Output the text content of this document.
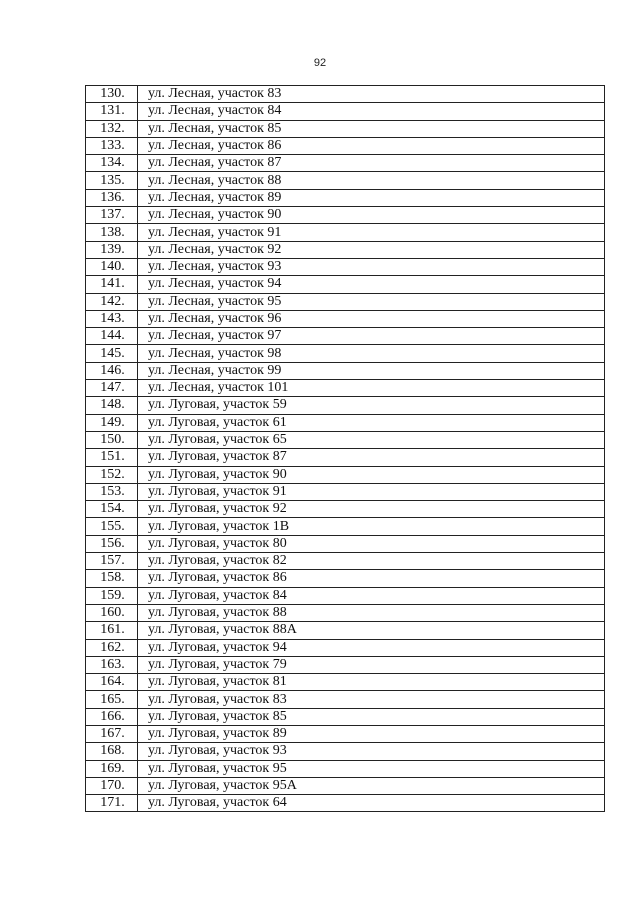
92
130.	ул. Лесная, участок 83
131.	ул. Лесная, участок 84
132.	ул. Лесная, участок 85
133.	ул. Лесная, участок 86
134.	ул. Лесная, участок 87
135.	ул. Лесная, участок 88
136.	ул. Лесная, участок 89
137.	ул. Лесная, участок 90
138.	ул. Лесная, участок 91
139.	ул. Лесная, участок 92
140.	ул. Лесная, участок 93
141.	ул. Лесная, участок 94
142.	ул. Лесная, участок 95
143.	ул. Лесная, участок 96
144.	ул. Лесная, участок 97
145.	ул. Лесная, участок 98
146.	ул. Лесная, участок 99
147.	ул. Лесная, участок 101
148.	ул. Луговая, участок 59
149.	ул. Луговая, участок 61
150.	ул. Луговая, участок 65
151.	ул. Луговая, участок 87
152.	ул. Луговая, участок 90
153.	ул. Луговая, участок 91
154.	ул. Луговая, участок 92
155.	ул. Луговая, участок 1В
156.	ул. Луговая, участок 80
157.	ул. Луговая, участок 82
158.	ул. Луговая, участок 86
159.	ул. Луговая, участок 84
160.	ул. Луговая, участок 88
161.	ул. Луговая, участок 88А
162.	ул. Луговая, участок 94
163.	ул. Луговая, участок 79
164.	ул. Луговая, участок 81
165.	ул. Луговая, участок 83
166.	ул. Луговая, участок 85
167.	ул. Луговая, участок 89
168.	ул. Луговая, участок 93
169.	ул. Луговая, участок 95
170.	ул. Луговая, участок 95А
171.	ул. Луговая, участок 64
